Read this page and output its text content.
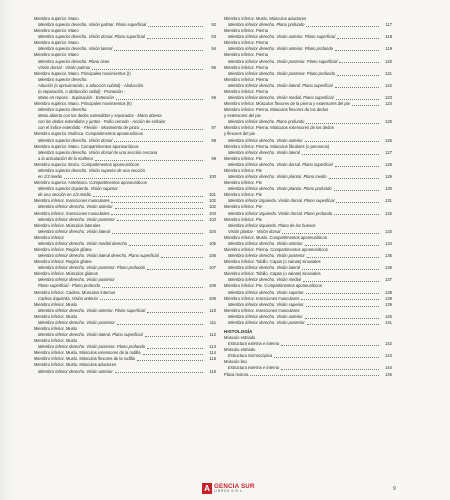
Miembro superior. Mano
Miembro superior derecho. Visión palmar. Plano superficial	92
Miembro superior. Mano
Miembro superior derecho. Visión dorsal. Plano superficial	93
Miembro superior. Mano
Miembro superior derecho. Visión lateral	94
Miembro superior. Mano
Miembro superior derecho. Plano óseo
Visión dorsal - Visión palmar	95
Miembro superior. Mano. Principales movimientos (I)
Miembro superior derecho.
Adución (o aproximación, o aducción cubital) - Abducción
(o separación, o abducción radial) - Pronación -
Mano en reposo - Supinación - Extensión	96
Miembro superior. Mano. Principales movimientos (II)
Miembro superior derecho.
Mano abierta con los dedos extendidos y separados - Mano abierta
con los dedos extendidos y juntos - Puño cerrado - Acción de señalar
con el índice extendido - Flexión - Movimiento de pinza	97
Miembro superior. Muñeca. Compartimentos aponeuróticos
Miembro superior derecho. Visión dorsal	98
Miembro superior. Mano. Compartimentos aponeuróticos
Miembro superior derecho. Visión dorsal de una sección cercana
a la articulación de la muñeca	99
Miembro superior. Brazo. Compartimentos aponeuróticos
Miembro superior derecho. Visión superior de una sección
en 1/3 medio	100
Miembro superior. Antebrazo. Compartimentos aponeuróticos
Miembro superior izquierdo. Visión superior
de una sección en 1/3 medio	101
Miembro inferior. Inserciones musculares	102
Miembro inferior derecho. Visión anterior	102
Miembro inferior. Inserciones musculares	103
Miembro inferior derecho. Visión posterior	103
Miembro inferior. Músculos laterales
Miembro inferior derecho. Visión lateral	104
Miembro inferior
Miembro inferior derecho. Visión medial derecho	105
Miembro inferior. Región glútea
Miembro inferior derecho. Visión lateral derecho. Plano superficial	106
Miembro inferior. Región glútea
Miembro inferior derecho. Visión posterior. Plano profundo	107
Miembro inferior. Músculos glúteos
Miembro inferior derecho. Visión posterior
Plano superficial - Plano profundo	108
Miembro inferior. Cadera. Músculos internos
Cadera izquierda. Visión anterior	109
Miembro inferior. Muslo
Miembro inferior derecho. Visión anterior. Plano superficial	110
Miembro inferior. Muslo
Miembro inferior derecho. Visión posterior	111
Miembro inferior. Muslo
Miembro inferior derecho. Visión lateral. Plano superficial	112
Miembro inferior. Muslo
Miembro inferior derecho. Visión posterior. Plano profundo	113
Miembro inferior. Muslo. Músculos extensores de la rodilla	114
Miembro inferior. Muslo. Músculos flexores de la rodilla	115
Miembro inferior. Muslo. Músculos aductores
Miembro inferior derecho. Visión anterior	116
Miembro inferior. Muslo. Músculos aductores
Miembro inferior derecho. Plano profundo	117
Miembro inferior. Pierna
Miembro inferior derecho. Visión anterior. Plano superficial	118
Miembro inferior. Pierna
Miembro inferior derecho. Visión anterior. Plano profundo	119
Miembro inferior. Pierna
Miembro inferior derecho. Visión posterior. Plano superficial	120
Miembro inferior. Pierna
Miembro inferior derecho. Visión posterior. Plano profundo	121
Miembro inferior. Pierna
Miembro inferior derecho. Visión lateral. Plano superficial	122
Miembro inferior. Pierna
Miembro inferior derecho. Visión medial. Plano superficial	123
Miembro inferior. Músculos flexores de la pierna y extensores del pie	124
Miembro inferior. Pierna. Músculos flexores de los dedos
y extensores del pie
Miembro inferior derecho. Plano profundo	125
Miembro inferior. Pierna. Músculos extensores de los dedos
y flexores del pie
Miembro inferior derecho. Visión anterior	126
Miembro inferior. Pierna. Músculos fibulares (o peroneos)
Miembro inferior derecho. Visión lateral	127
Miembro inferior. Pie
Miembro inferior derecho. Visión dorsal. Plano superficial	128
Miembro inferior. Pie
Miembro inferior derecho. Visión plantar. Plano medio	129
Miembro inferior. Pie
Miembro inferior derecho. Visión plantar. Plano profundo	130
Miembro inferior. Pie
Miembro inferior izquierdo. Visión dorsal. Plano superficial	131
Miembro inferior. Pie
Miembro inferior izquierdo. Visión dorsal. Plano profundo	132
Miembro inferior. Pie
Miembro inferior izquierdo. Plano de los huesos
Visión plantar - Visión dorsal	133
Miembro inferior. Muslo. Compartimentos aponeuróticos
Miembro inferior derecho. Visión anterior	134
Miembro inferior. Pierna. Compartimentos aponeuróticos
Miembro inferior derecho. Visión posterior	135
Miembro inferior. Tobillo. Capas (o vainas) sinoviales
Miembro inferior derecho. Visión lateral	136
Miembro inferior. Tobillo. Capas (o vainas) sinoviales
Miembro inferior derecho. Visión medial	137
Miembro inferior. Pie. Compartimentos aponeuróticos
Miembro inferior derecho. Visión superior	138
Miembro inferior. Inserciones musculares	139
Miembro inferior derecho. Visión superior	139
Miembro inferior. Inserciones musculares
Miembro inferior derecho. Visión anterior	140
Miembro inferior derecho. Visión posterior	141
HISTOLOGÍA
Músculo estriado
Estructura externa e interna	142
Músculo estriado
Estructura microscópica	143
Músculo liso
Estructura externa e interna	144
Placa motora	145
A GENCIA SUR
LIBROS S.R.L.	9
